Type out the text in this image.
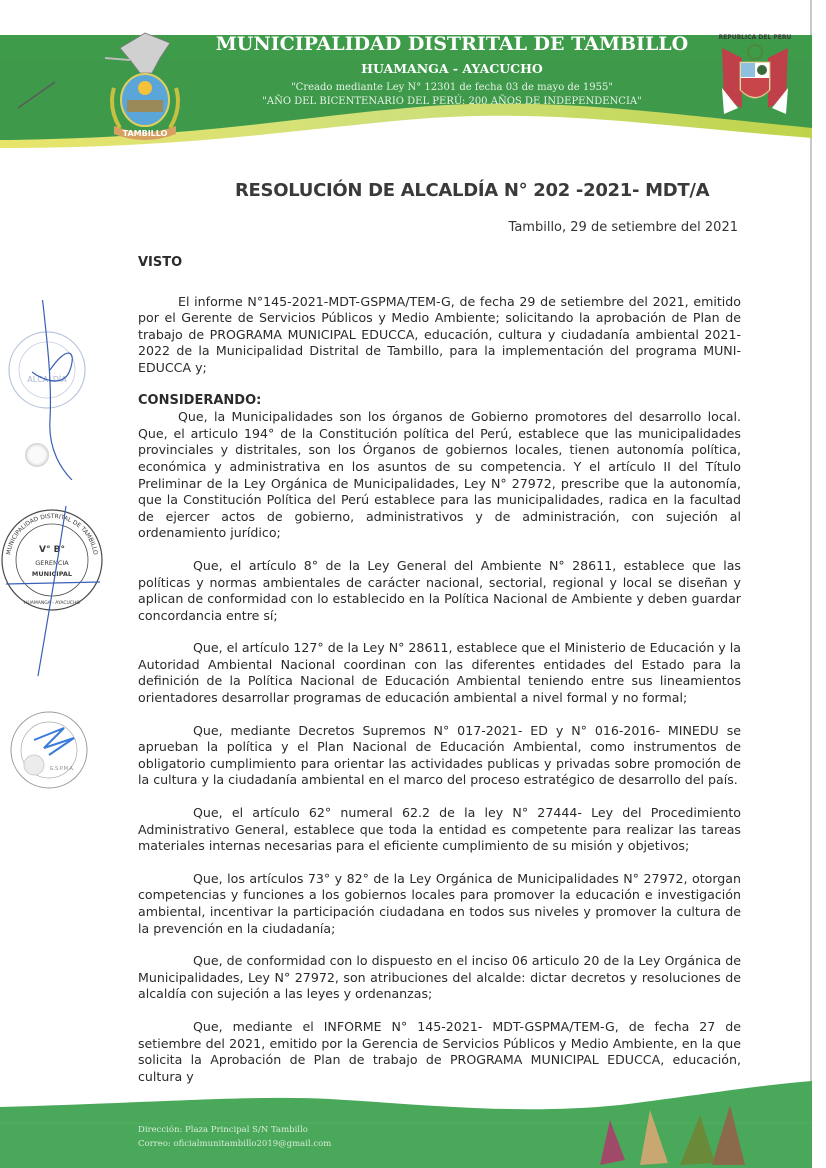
TAMBILLO
MUNICIPALIDAD DISTRITAL DE TAMBILLO
HUAMANGA - AYACUCHO
"Creado mediante Ley N° 12301 de fecha 03 de mayo de 1955"
"AÑO DEL BICENTENARIO DEL PERÚ: 200 AÑOS DE INDEPENDENCIA"
REPUBLICA DEL PERU
RESOLUCIÓN DE ALCALDÍA N° 202 -2021- MDT/A
Tambillo, 29 de setiembre del 2021

VISTO

El informe N°145-2021-MDT-GSPMA/TEM-G, de fecha 29 de setiembre del 2021, emitido por el Gerente de Servicios Públicos y Medio Ambiente; solicitando la aprobación de Plan de trabajo de PROGRAMA MUNICIPAL EDUCCA, educación, cultura y ciudadanía ambiental 2021-2022 de la Municipalidad Distrital de Tambillo, para la implementación del programa MUNI-EDUCCA y;

CONSIDERANDO:

Que, la Municipalidades son los órganos de Gobierno promotores del desarrollo local. Que, el articulo 194° de la Constitución política del Perú, establece que las municipalidades provinciales y distritales, son los Órganos de gobiernos locales, tienen autonomía política, económica y administrativa en los asuntos de su competencia. Y el artículo II del Título Preliminar de la Ley Orgánica de Municipalidades, Ley N° 27972, prescribe que la autonomía, que la Constitución Política del Perú establece para las municipalidades, radica en la facultad de ejercer actos de gobierno, administrativos y de administración, con sujeción al ordenamiento jurídico;

Que, el artículo 8° de la Ley General del Ambiente N° 28611, establece que las políticas y normas ambientales de carácter nacional, sectorial, regional y local se diseñan y aplican de conformidad con lo establecido en la Política Nacional de Ambiente y deben guardar concordancia entre sí;

Que, el artículo 127° de la Ley N° 28611, establece que el Ministerio de Educación y la Autoridad Ambiental Nacional coordinan con las diferentes entidades del Estado para la definición de la Política Nacional de Educación Ambiental teniendo entre sus lineamientos orientadores desarrollar programas de educación ambiental a nivel formal y no formal;

Que, mediante Decretos Supremos N° 017-2021- ED y N° 016-2016- MINEDU se aprueban la política y el Plan Nacional de Educación Ambiental, como instrumentos de obligatorio cumplimiento para orientar las actividades publicas y privadas sobre promoción de la cultura y la ciudadanía ambiental en el marco del proceso estratégico de desarrollo del país.

Que, el artículo 62° numeral 62.2 de la ley N° 27444- Ley del Procedimiento Administrativo General, establece que toda la entidad es competente para realizar las tareas materiales internas necesarias para el eficiente cumplimiento de su misión y objetivos;

Que, los artículos 73° y 82° de la Ley Orgánica de Municipalidades N° 27972, otorgan competencias y funciones a los gobiernos locales para promover la educación e investigación ambiental, incentivar la participación ciudadana en todos sus niveles y promover la cultura de la prevención en la ciudadanía;

Que, de conformidad con lo dispuesto en el inciso 06 articulo 20 de la Ley Orgánica de Municipalidades, Ley N° 27972, son atribuciones del alcalde: dictar decretos y resoluciones de alcaldía con sujeción a las leyes y ordenanzas;

Que, mediante el INFORME N° 145-2021- MDT-GSPMA/TEM-G, de fecha 27 de setiembre del 2021, emitido por la Gerencia de Servicios Públicos y Medio Ambiente, en la que solicita la Aprobación de Plan de trabajo de PROGRAMA MUNICIPAL EDUCCA, educación, cultura y

ALCALDÍA
MUNICIPALIDAD DISTRITAL DE TAMBILLO
V° B°
GERENCIA
MUNICIPAL
HUAMANGA - AYACUCHO
G.S.P.M.A.
Dirección: Plaza Principal S/N Tambillo
Correo: oficialmunitambillo2019@gmail.com
